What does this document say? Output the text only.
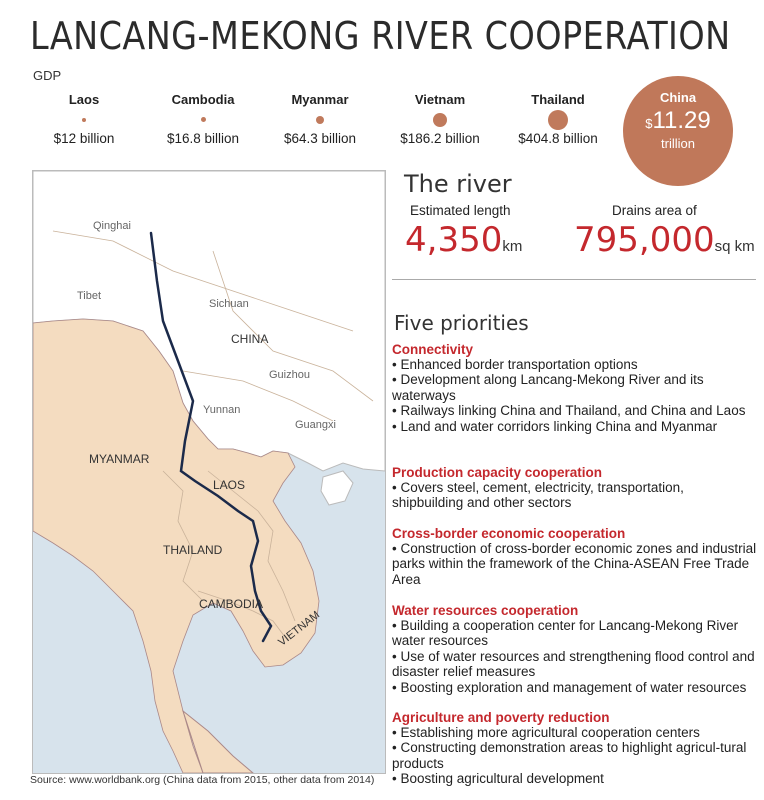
LANCANG-MEKONG RIVER COOPERATION
GDP
Laos
$12 billion
Cambodia
$16.8 billion
Myanmar
$64.3 billion
Vietnam
$186.2 billion
Thailand
$404.8 billion
China
$11.29
trillion
Qinghai
Tibet
Sichuan
CHINA
Guizhou
Yunnan
Guangxi
MYANMAR
LAOS
THAILAND
CAMBODIA
VIETNAM
The river
Estimated length
4,350km
Drains area of
795,000sq km
Five priorities
Connectivity
• Enhanced border transportation options
• Development along Lancang-Mekong River and its waterways
• Railways linking China and Thailand, and China and Laos
• Land and water corridors linking China and Myanmar
Production capacity cooperation
• Covers steel, cement, electricity, transportation, shipbuilding and other sectors
Cross-border economic cooperation
• Construction of cross-border economic zones and industrial parks within the framework of the China-ASEAN Free Trade Area
Water resources cooperation
• Building a cooperation center for Lancang-Mekong River water resources
• Use of water resources and strengthening flood control and disaster relief measures
• Boosting exploration and management of water resources
Agriculture and poverty reduction
• Establishing more agricultural cooperation centers
• Constructing demonstration areas to highlight agricul-tural products
• Boosting agricultural development
Source: www.worldbank.org (China data from 2015, other data from 2014)
